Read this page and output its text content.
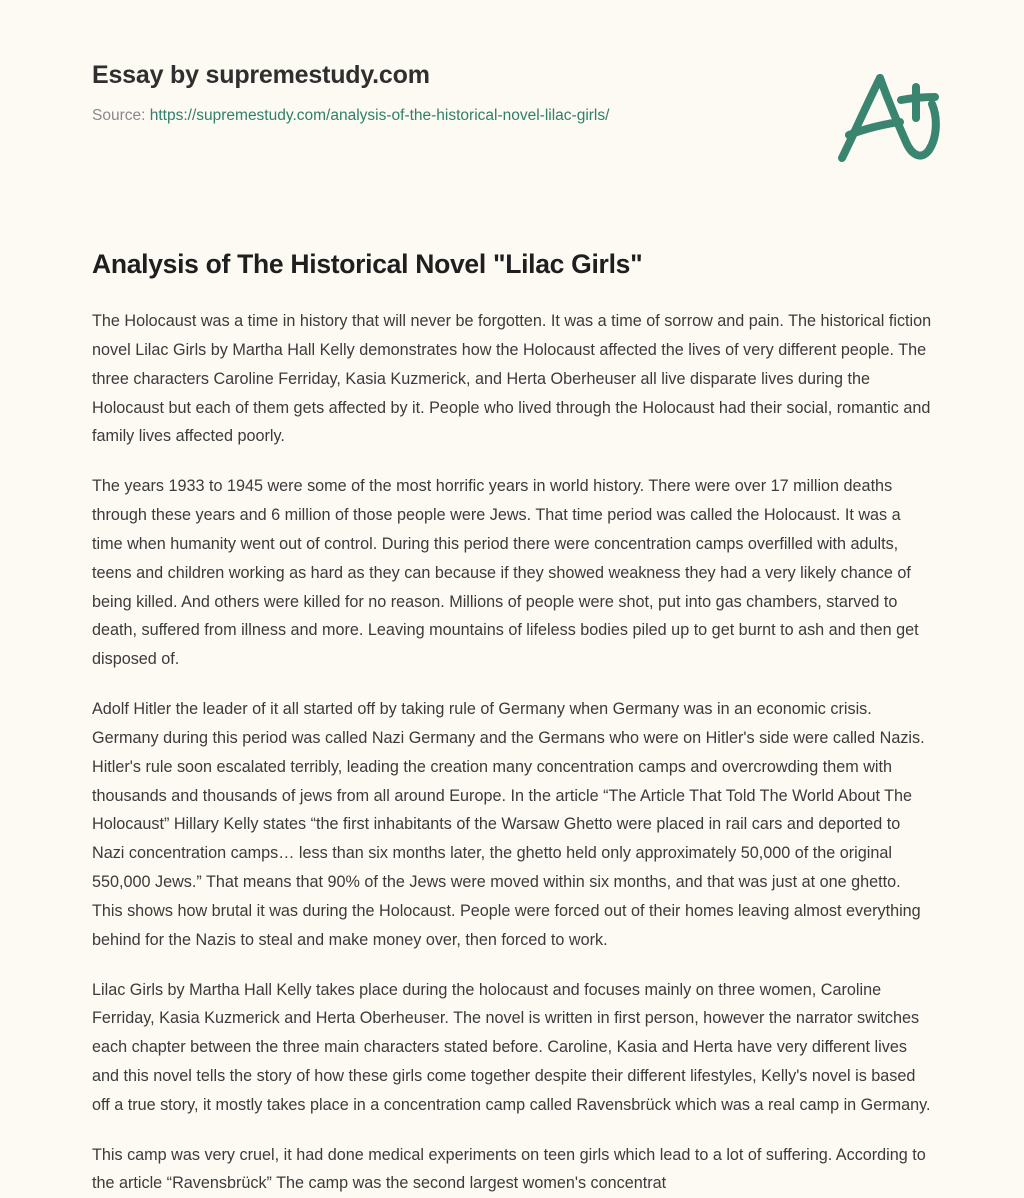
Essay by supremestudy.com
Source: https://supremestudy.com/analysis-of-the-historical-novel-lilac-girls/
Analysis of The Historical Novel "Lilac Girls"

The Holocaust was a time in history that will never be forgotten. It was a time of sorrow and pain. The historical fiction novel Lilac Girls by Martha Hall Kelly demonstrates how the Holocaust affected the lives of very different people. The three characters Caroline Ferriday, Kasia Kuzmerick, and Herta Oberheuser all live disparate lives during the Holocaust but each of them gets affected by it. People who lived through the Holocaust had their social, romantic and family lives affected poorly.

The years 1933 to 1945 were some of the most horrific years in world history. There were over 17 million deaths through these years and 6 million of those people were Jews. That time period was called the Holocaust. It was a time when humanity went out of control. During this period there were concentration camps overfilled with adults, teens and children working as hard as they can because if they showed weakness they had a very likely chance of being killed. And others were killed for no reason. Millions of people were shot, put into gas chambers, starved to death, suffered from illness and more. Leaving mountains of lifeless bodies piled up to get burnt to ash and then get disposed of.

Adolf Hitler the leader of it all started off by taking rule of Germany when Germany was in an economic crisis. Germany during this period was called Nazi Germany and the Germans who were on Hitler's side were called Nazis. Hitler's rule soon escalated terribly, leading the creation many concentration camps and overcrowding them with thousands and thousands of jews from all around Europe. In the article “The Article That Told The World About The Holocaust” Hillary Kelly states “the first inhabitants of the Warsaw Ghetto were placed in rail cars and deported to Nazi concentration camps… less than six months later, the ghetto held only approximately 50,000 of the original 550,000 Jews.” That means that 90% of the Jews were moved within six months, and that was just at one ghetto. This shows how brutal it was during the Holocaust. People were forced out of their homes leaving almost everything behind for the Nazis to steal and make money over, then forced to work.

Lilac Girls by Martha Hall Kelly takes place during the holocaust and focuses mainly on three women, Caroline Ferriday, Kasia Kuzmerick and Herta Oberheuser. The novel is written in first person, however the narrator switches each chapter between the three main characters stated before. Caroline, Kasia and Herta have very different lives and this novel tells the story of how these girls come together despite their different lifestyles, Kelly's novel is based off a true story, it mostly takes place in a concentration camp called Ravensbrück which was a real camp in Germany.

This camp was very cruel, it had done medical experiments on teen girls which lead to a lot of suffering. According to the article “Ravensbrück” The camp was the second largest women's concentrat
